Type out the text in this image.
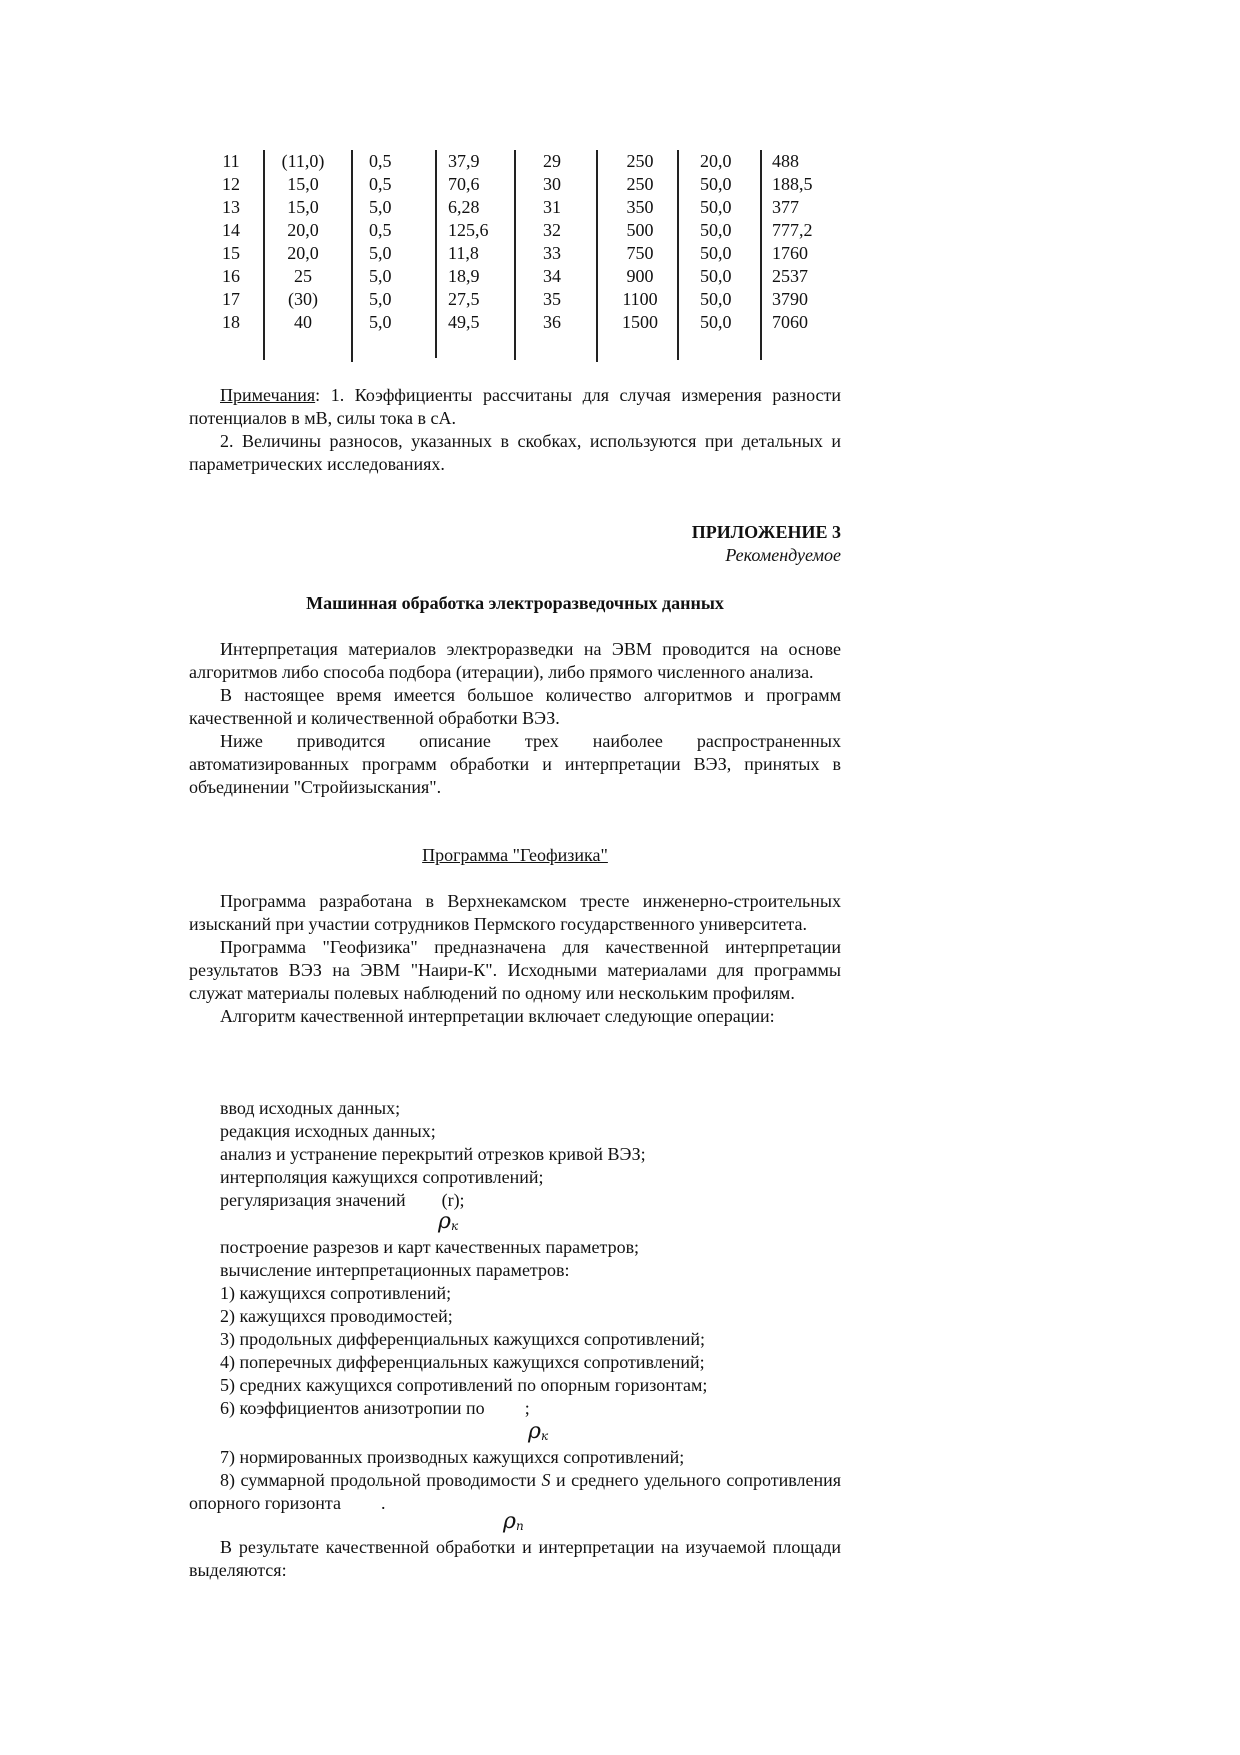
11
12
13
14
15
16
17
18
(11,0)
15,0
15,0
20,0
20,0
25
(30)
40
0,5
0,5
5,0
0,5
5,0
5,0
5,0
5,0
37,9
70,6
6,28
125,6
11,8
18,9
27,5
49,5
29
30
31
32
33
34
35
36
250
250
350
500
750
900
1100
1500
20,0
50,0
50,0
50,0
50,0
50,0
50,0
50,0
488
188,5
377
777,2
1760
2537
3790
7060

Примечания: 1. Коэффициенты рассчитаны для случая измерения разности потенциалов в мВ, силы тока в сА.

2. Величины разносов, указанных в скобках, используются при детальных и параметрических исследованиях.

ПРИЛОЖЕНИЕ 3
Рекомендуемое
Машинная обработка электроразведочных данных

Интерпретация материалов электроразведки на ЭВМ проводится на основе алгоритмов либо способа подбора (итерации), либо прямого численного анализа.

В настоящее время имеется большое количество алгоритмов и программ качественной и количественной обработки ВЭЗ.

Ниже приводится описание трех наиболее распространенных автоматизированных программ обработки и интерпретации ВЭЗ, принятых в объединении "Стройизыскания".

Программа "Геофизика"

Программа разработана в Верхнекамском тресте инженерно-строительных изысканий при участии сотрудников Пермского государственного университета.

Программа "Геофизика" предназначена для качественной интерпретации результатов ВЭЗ на ЭВМ "Наири-К". Исходными материалами для программы служат материалы полевых наблюдений по одному или нескольким профилям.

Алгоритм качественной интерпретации включает следующие операции:

ввод исходных данных;

редакция исходных данных;

анализ и устранение перекрытий отрезков кривой ВЭЗ;

интерполяция кажущихся сопротивлений;

регуляризация значений (r);

$\rho_к$

построение разрезов и карт качественных параметров;

вычисление интерпретационных параметров:

1) кажущихся сопротивлений;

2) кажущихся проводимостей;

3) продольных дифференциальных кажущихся сопротивлений;

4) поперечных дифференциальных кажущихся сопротивлений;

5) средних кажущихся сопротивлений по опорным горизонтам;

6) коэффициентов анизотропии по ;

$\rho_к$

7) нормированных производных кажущихся сопротивлений;

8) суммарной продольной проводимости S и среднего удельного сопротивления опорного горизонта .

$\rho_п$

В результате качественной обработки и интерпретации на изучаемой площади выделяются:
